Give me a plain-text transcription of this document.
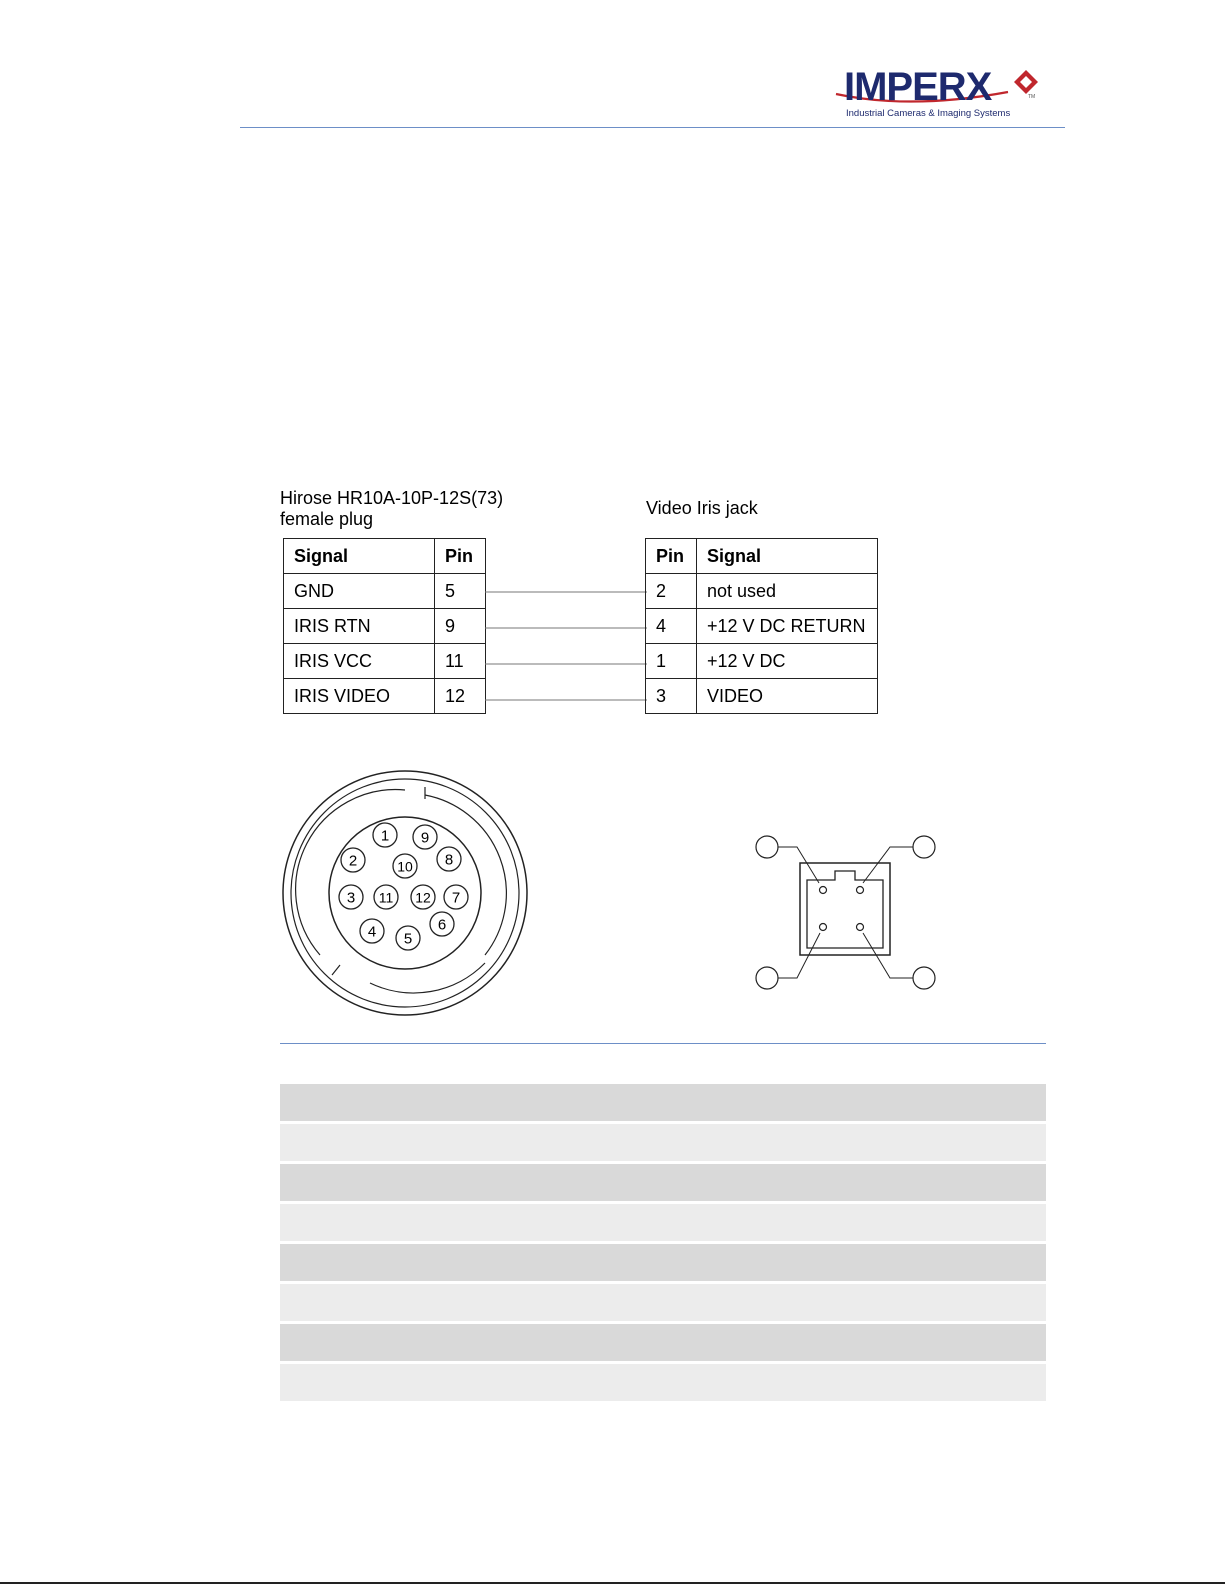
IMPERX	TM
Industrial Cameras & Imaging Systems
Hirose HR10A-10P-12S(73)
female plug
Video Iris jack
Signal	Pin
GND	5
IRIS RTN	9
IRIS VCC	11
IRIS VIDEO	12
Pin	Signal
2	not used
4	+12 V DC RETURN
1	+12 V DC
3	VIDEO
1
2
3
4 5
6
7
8
9
10
11 12
